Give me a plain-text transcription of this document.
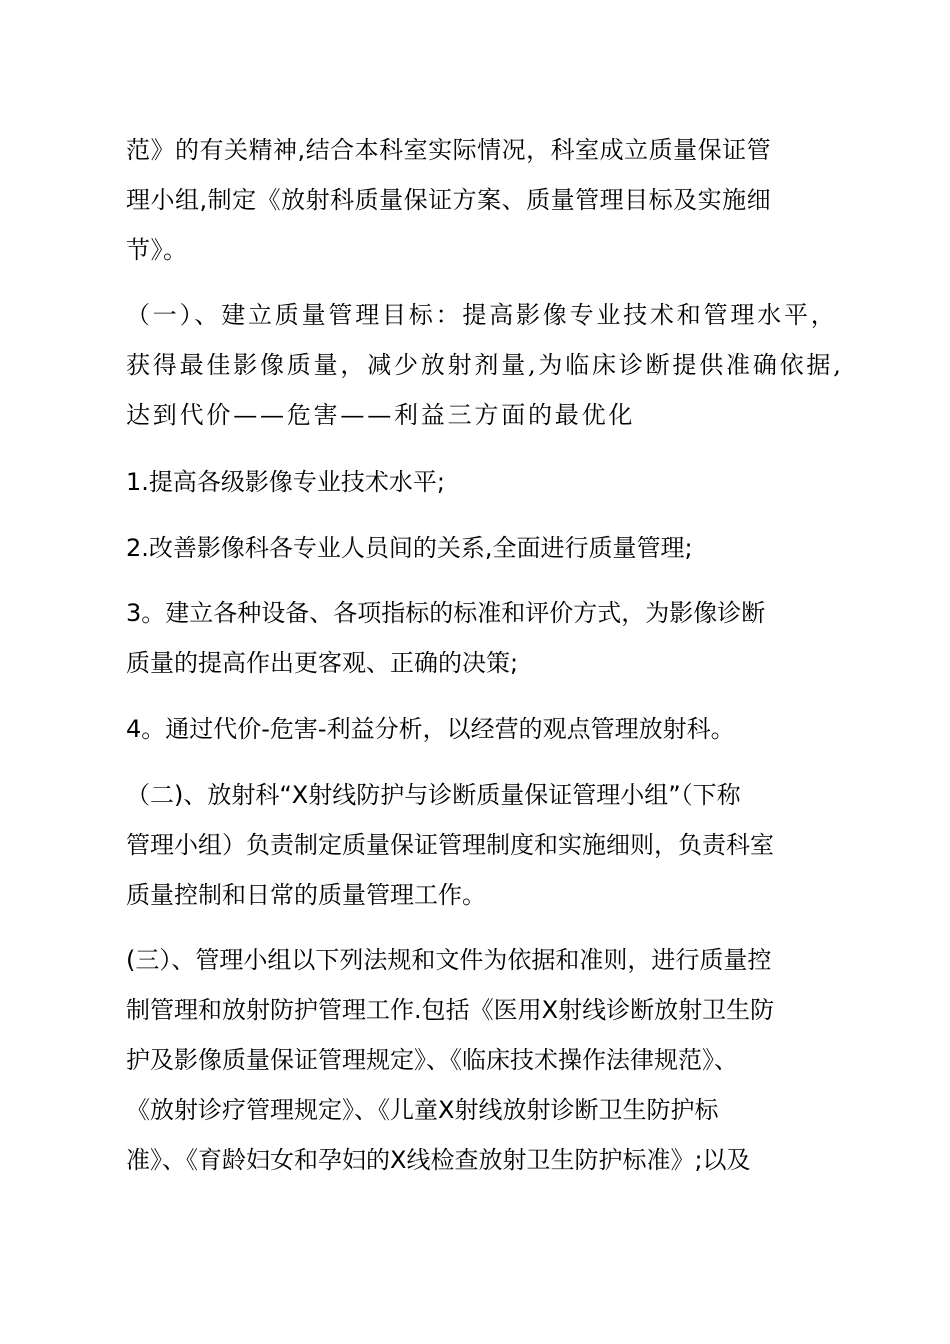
范》的有关精神,结合本科室实际情况，科室成立质量保证管
理小组,制定《放射科质量保证方案、质量管理目标及实施细
节》。
（一）、建立质量管理目标：提高影像专业技术和管理水平，
获得最佳影像质量，减少放射剂量,为临床诊断提供准确依据,
达到代价——危害——利益三方面的最优化
1.提高各级影像专业技术水平;
2.改善影像科各专业人员间的关系,全面进行质量管理;
3。建立各种设备、各项指标的标准和评价方式，为影像诊断
质量的提高作出更客观、正确的决策;
4。通过代价-危害-利益分析，以经营的观点管理放射科。
（二)、放射科“X射线防护与诊断质量保证管理小组”（下称
管理小组）负责制定质量保证管理制度和实施细则，负责科室
质量控制和日常的质量管理工作。
(三）、管理小组以下列法规和文件为依据和准则，进行质量控
制管理和放射防护管理工作.包括《医用X射线诊断放射卫生防
护及影像质量保证管理规定》、《临床技术操作法律规范》、
《放射诊疗管理规定》、《儿童X射线放射诊断卫生防护标
准》、《育龄妇女和孕妇的X线检查放射卫生防护标准》;以及
